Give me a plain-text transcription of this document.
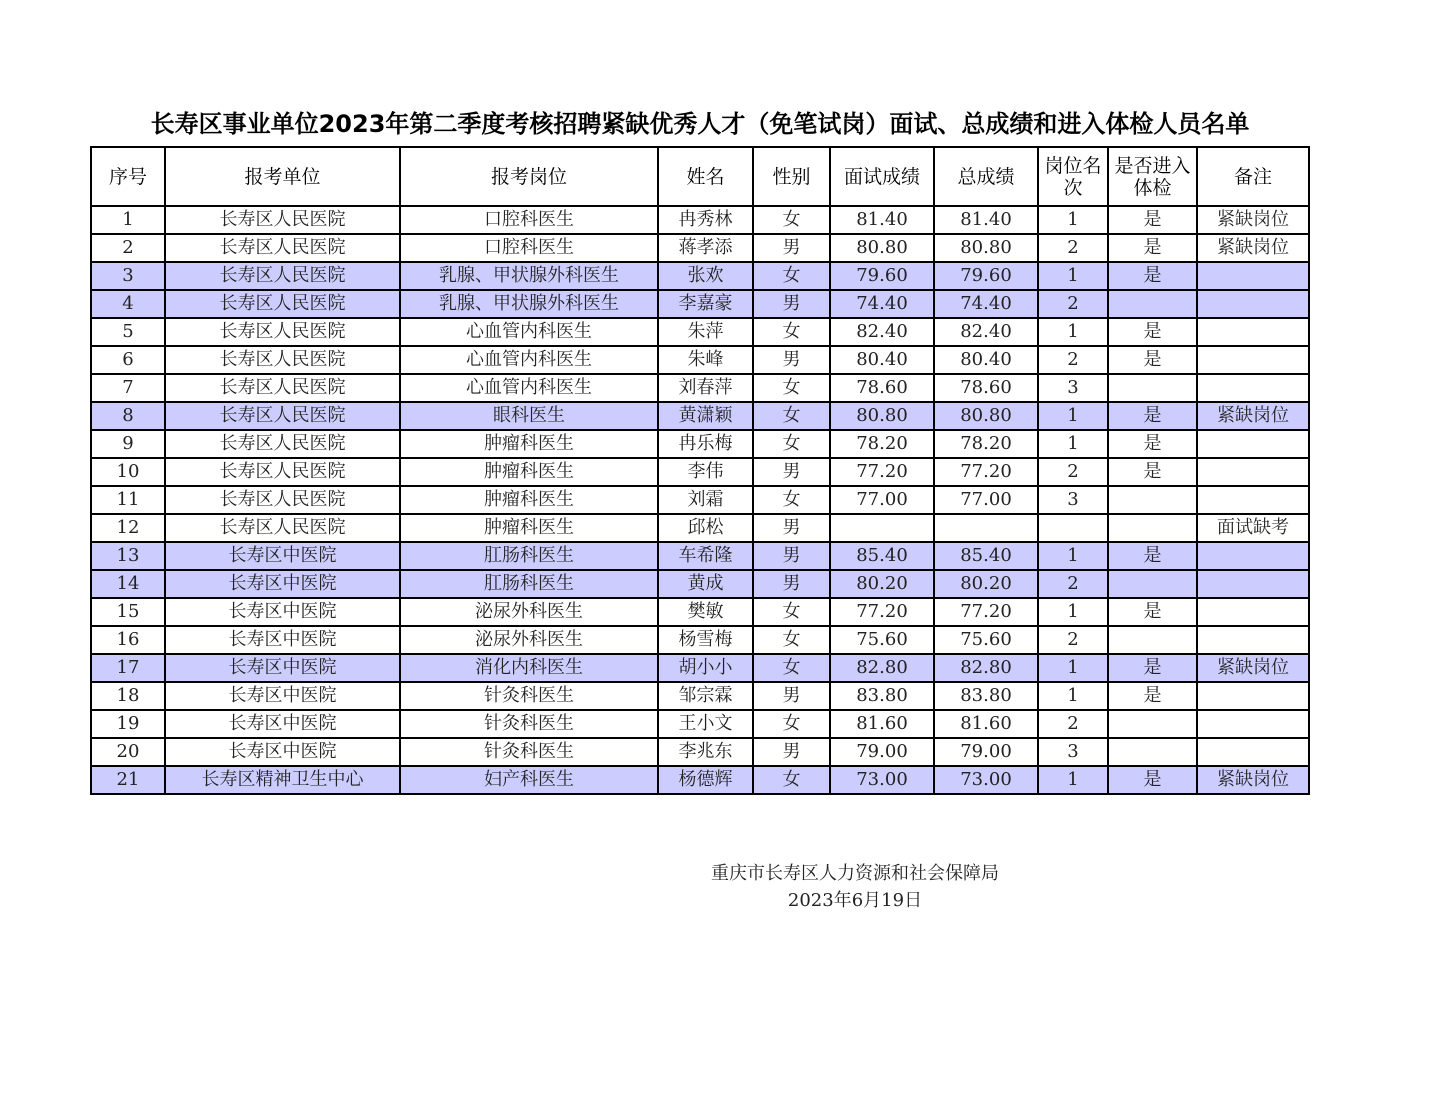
长寿区事业单位2023年第二季度考核招聘紧缺优秀人才（免笔试岗）面试、总成绩和进入体检人员名单
序号	报考单位	报考岗位	姓名	性别	面试成绩	总成绩	岗位名次	是否进入体检	备注
1	长寿区人民医院	口腔科医生	冉秀林	女	81.40	81.40	1	是	紧缺岗位
2	长寿区人民医院	口腔科医生	蒋孝添	男	80.80	80.80	2	是	紧缺岗位
3	长寿区人民医院	乳腺、甲状腺外科医生	张欢	女	79.60	79.60	1	是	
4	长寿区人民医院	乳腺、甲状腺外科医生	李嘉豪	男	74.40	74.40	2		
5	长寿区人民医院	心血管内科医生	朱萍	女	82.40	82.40	1	是	
6	长寿区人民医院	心血管内科医生	朱峰	男	80.40	80.40	2	是	
7	长寿区人民医院	心血管内科医生	刘春萍	女	78.60	78.60	3		
8	长寿区人民医院	眼科医生	黄潇颖	女	80.80	80.80	1	是	紧缺岗位
9	长寿区人民医院	肿瘤科医生	冉乐梅	女	78.20	78.20	1	是	
10	长寿区人民医院	肿瘤科医生	李伟	男	77.20	77.20	2	是	
11	长寿区人民医院	肿瘤科医生	刘霜	女	77.00	77.00	3		
12	长寿区人民医院	肿瘤科医生	邱松	男					面试缺考
13	长寿区中医院	肛肠科医生	车希隆	男	85.40	85.40	1	是	
14	长寿区中医院	肛肠科医生	黄成	男	80.20	80.20	2		
15	长寿区中医院	泌尿外科医生	樊敏	女	77.20	77.20	1	是	
16	长寿区中医院	泌尿外科医生	杨雪梅	女	75.60	75.60	2		
17	长寿区中医院	消化内科医生	胡小小	女	82.80	82.80	1	是	紧缺岗位
18	长寿区中医院	针灸科医生	邹宗霖	男	83.80	83.80	1	是	
19	长寿区中医院	针灸科医生	王小文	女	81.60	81.60	2		
20	长寿区中医院	针灸科医生	李兆东	男	79.00	79.00	3		
21	长寿区精神卫生中心	妇产科医生	杨德辉	女	73.00	73.00	1	是	紧缺岗位
重庆市长寿区人力资源和社会保障局
2023年6月19日
